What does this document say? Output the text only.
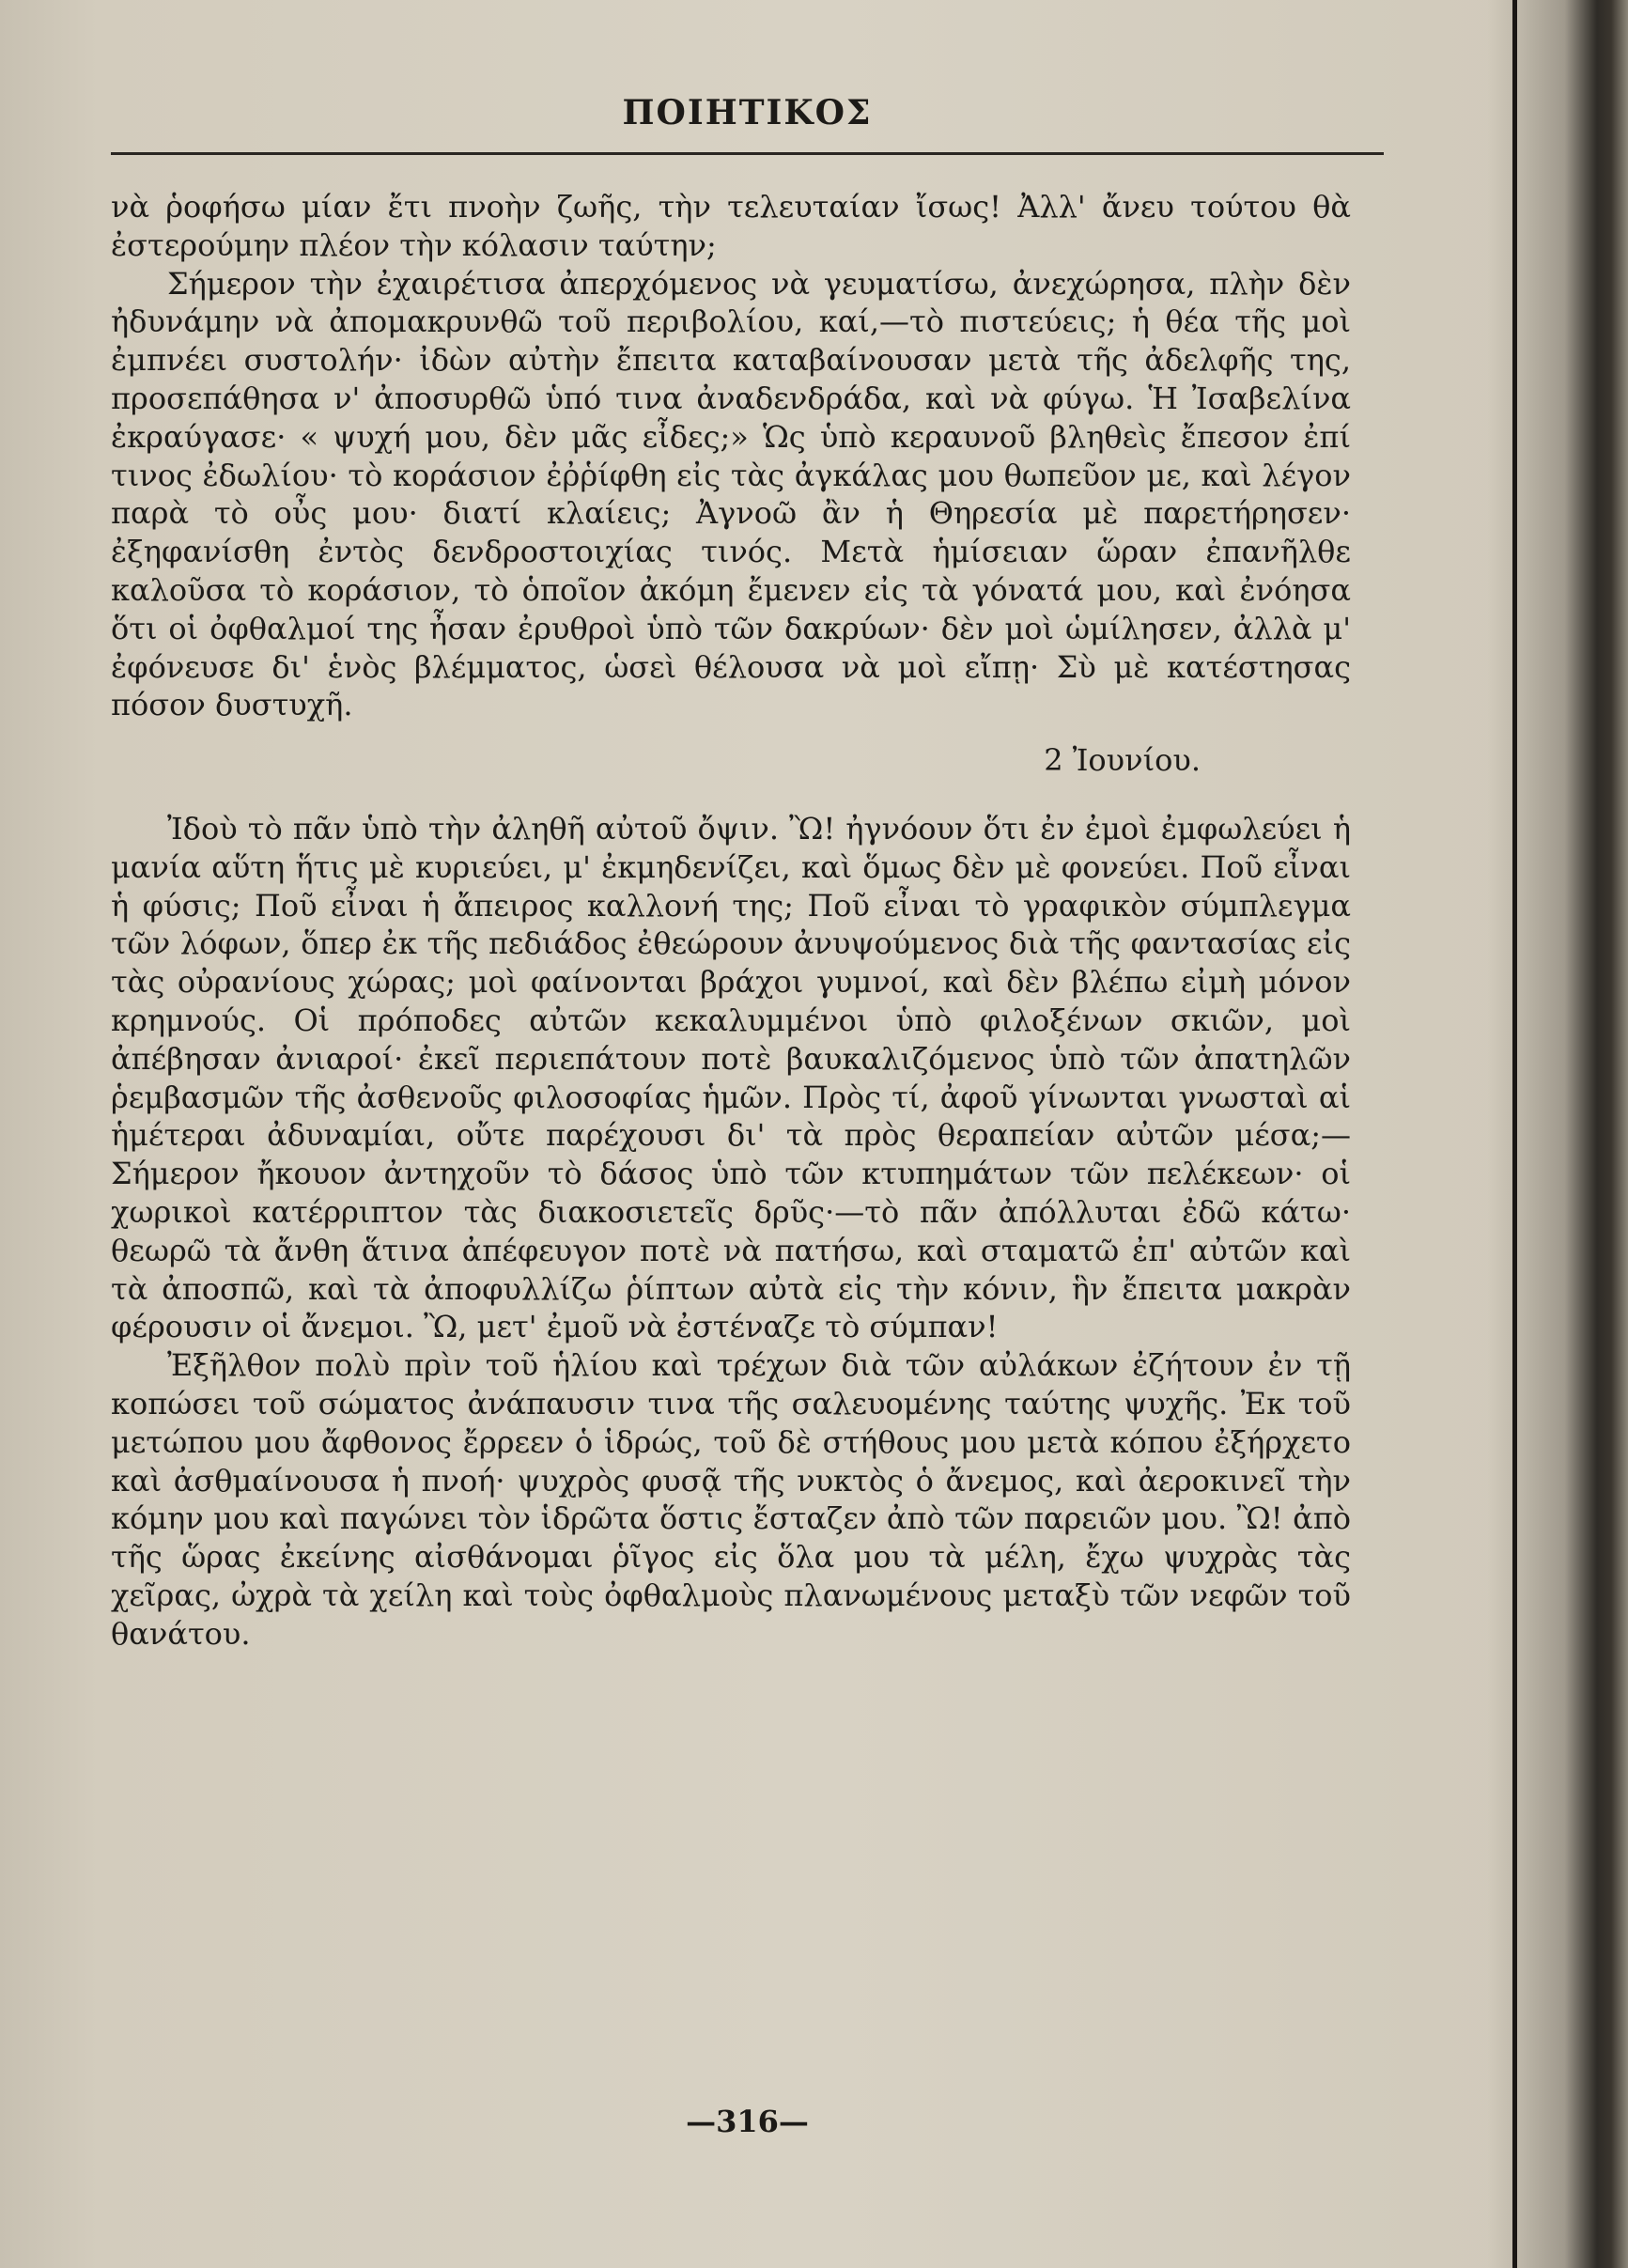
ΠΟΙΗΤΙΚΟΣ

νὰ ῥοφήσω μίαν ἔτι πνοὴν ζωῆς, τὴν τελευταίαν ἴσως! Ἀλλ' ἄνευ τούτου θὰ ἐστερούμην πλέον τὴν κόλασιν ταύτην;

Σήμερον τὴν ἐχαιρέτισα ἀπερχόμενος νὰ γευματίσω, ἀνεχώρησα, πλὴν δὲν ἠδυνάμην νὰ ἀπομακρυνθῶ τοῦ περιβολίου, καί,—τὸ πιστεύεις; ἡ θέα τῆς μοὶ ἐμπνέει συστολήν· ἰδὼν αὐτὴν ἔπειτα καταβαίνουσαν μετὰ τῆς ἀδελφῆς της, προσεπάθησα ν' ἀποσυρθῶ ὑπό τινα ἀναδενδράδα, καὶ νὰ φύγω. Ἡ Ἰσαβελίνα ἐκραύγασε· « ψυχή μου, δὲν μᾶς εἶδες;» Ὡς ὑπὸ κεραυνοῦ βληθεὶς ἔπεσον ἐπί τινος ἐδωλίου· τὸ κοράσιον ἐῤῥίφθη εἰς τὰς ἀγκάλας μου θωπεῦον με, καὶ λέγον παρὰ τὸ οὖς μου· διατί κλαίεις; Ἀγνοῶ ἂν ἡ Θηρεσία μὲ παρετήρησεν· ἐξηφανίσθη ἐντὸς δενδροστοιχίας τινός. Μετὰ ἡμίσειαν ὥραν ἐπανῆλθε καλοῦσα τὸ κοράσιον, τὸ ὁποῖον ἀκόμη ἔμενεν εἰς τὰ γόνατά μου, καὶ ἐνόησα ὅτι οἱ ὀφθαλμοί της ἦσαν ἐρυθροὶ ὑπὸ τῶν δακρύων· δὲν μοὶ ὡμίλησεν, ἀλλὰ μ' ἐφόνευσε δι' ἑνὸς βλέμματος, ὡσεὶ θέλουσα νὰ μοὶ εἴπῃ· Σὺ μὲ κατέστησας πόσον δυστυχῆ.

2 Ἰουνίου.

Ἰδοὺ τὸ πᾶν ὑπὸ τὴν ἀληθῆ αὐτοῦ ὄψιν. Ὢ! ἠγνόουν ὅτι ἐν ἐμοὶ ἐμφωλεύει ἡ μανία αὕτη ἥτις μὲ κυριεύει, μ' ἐκμηδενίζει, καὶ ὅμως δὲν μὲ φονεύει. Ποῦ εἶναι ἡ φύσις; Ποῦ εἶναι ἡ ἄπειρος καλλονή της; Ποῦ εἶναι τὸ γραφικὸν σύμπλεγμα τῶν λόφων, ὅπερ ἐκ τῆς πεδιάδος ἐθεώρουν ἀνυψούμενος διὰ τῆς φαντασίας εἰς τὰς οὐρανίους χώρας; μοὶ φαίνονται βράχοι γυμνοί, καὶ δὲν βλέπω εἰμὴ μόνον κρημνούς. Οἱ πρόποδες αὐτῶν κεκαλυμμένοι ὑπὸ φιλοξένων σκιῶν, μοὶ ἀπέβησαν ἀνιαροί· ἐκεῖ περιεπάτουν ποτὲ βαυκαλιζόμενος ὑπὸ τῶν ἀπατηλῶν ῥεμβασμῶν τῆς ἀσθενοῦς φιλοσοφίας ἡμῶν. Πρὸς τί, ἀφοῦ γίνωνται γνωσταὶ αἱ ἡμέτεραι ἀδυναμίαι, οὔτε παρέχουσι δι' τὰ πρὸς θεραπείαν αὐτῶν μέσα;—Σήμερον ἤκουον ἀντηχοῦν τὸ δάσος ὑπὸ τῶν κτυπημάτων τῶν πελέκεων· οἱ χωρικοὶ κατέρριπτον τὰς διακοσιετεῖς δρῦς·—τὸ πᾶν ἀπόλλυται ἐδῶ κάτω· θεωρῶ τὰ ἄνθη ἅτινα ἀπέφευγον ποτὲ νὰ πατήσω, καὶ σταματῶ ἐπ' αὐτῶν καὶ τὰ ἀποσπῶ, καὶ τὰ ἀποφυλλίζω ῥίπτων αὐτὰ εἰς τὴν κόνιν, ἣν ἔπειτα μακρὰν φέρουσιν οἱ ἄνεμοι. Ὢ, μετ' ἐμοῦ νὰ ἐστέναζε τὸ σύμπαν!

Ἐξῆλθον πολὺ πρὶν τοῦ ἡλίου καὶ τρέχων διὰ τῶν αὐλάκων ἐζήτουν ἐν τῇ κοπώσει τοῦ σώματος ἀνάπαυσιν τινα τῆς σαλευομένης ταύτης ψυχῆς. Ἐκ τοῦ μετώπου μου ἄφθονος ἔρρεεν ὁ ἱδρώς, τοῦ δὲ στήθους μου μετὰ κόπου ἐξήρχετο καὶ ἀσθμαίνουσα ἡ πνοή· ψυχρὸς φυσᾷ τῆς νυκτὸς ὁ ἄνεμος, καὶ ἀεροκινεῖ τὴν κόμην μου καὶ παγώνει τὸν ἱδρῶτα ὅστις ἔσταζεν ἀπὸ τῶν παρειῶν μου. Ὢ! ἀπὸ τῆς ὥρας ἐκείνης αἰσθάνομαι ῥῖγος εἰς ὅλα μου τὰ μέλη, ἔχω ψυχρὰς τὰς χεῖρας, ὠχρὰ τὰ χείλη καὶ τοὺς ὀφθαλμοὺς πλανωμένους μεταξὺ τῶν νεφῶν τοῦ θανάτου.

—316—
